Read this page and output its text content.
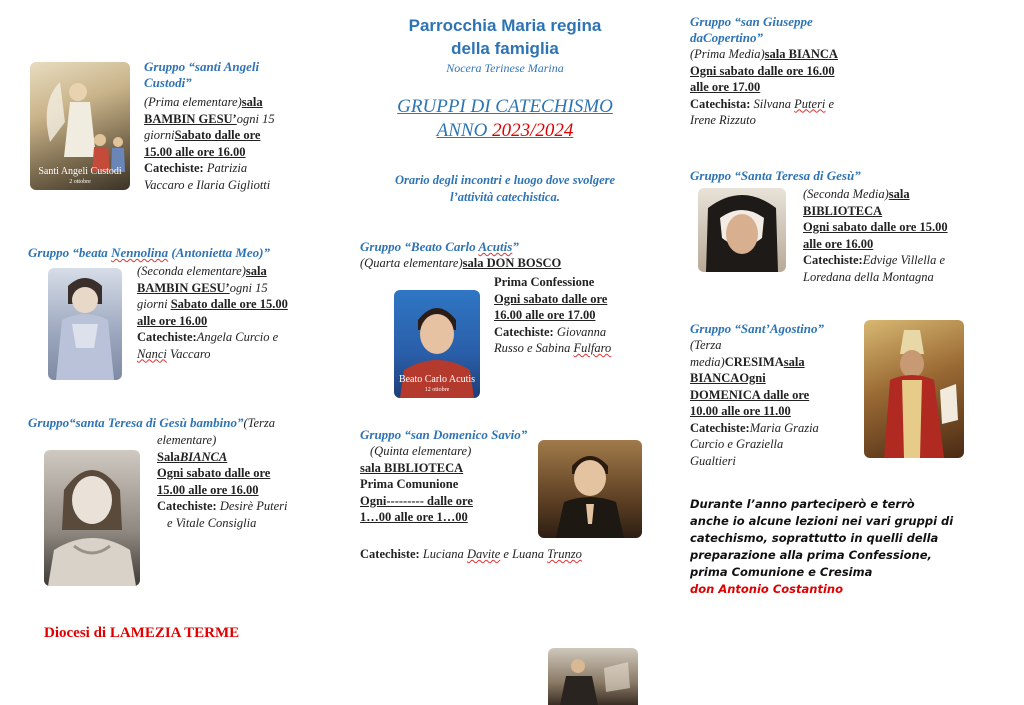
Parrocchia Maria regina
della famiglia
Nocera Terinese Marina
GRUPPI DI CATECHISMO
ANNO 2023/2024
Orario degli incontri e luogo dove svolgere
l’attività catechistica.
Santi Angeli Custodi
2 ottobre
Gruppo “santi Angeli
Custodi”
(Prima elementare)sala
BAMBIN GESU’ogni 15
giorniSabato dalle ore
15.00 alle ore 16.00
Catechiste: Patrizia
Vaccaro e Ilaria Gigliotti
Gruppo “beata Nennolina (Antonietta Meo)”
(Seconda elementare)sala
BAMBIN GESU’ogni 15
giorni Sabato dalle ore 15.00
alle ore 16.00
Catechiste:Angela Curcio e
Nanci Vaccaro
Gruppo“santa Teresa di Gesù bambino”(Terza
elementare)
SalaBIANCA
Ogni sabato dalle ore
15.00 alle ore 16.00
Catechiste: Desirè Puteri
e Vitale Consiglia
Diocesi di LAMEZIA TERME
Gruppo “Beato Carlo Acutis”
(Quarta elementare)sala DON BOSCO
Beato Carlo Acutis
12 ottobre
Prima Confessione
Ogni sabato dalle ore
16.00 alle ore 17.00
Catechiste: Giovanna
Russo e Sabina Fulfaro
Gruppo “san Domenico Savio”
(Quinta elementare)
sala BIBLIOTECA
Prima Comunione
Ogni--------- dalle ore
1…00 alle ore 1…00
Catechiste: Luciana Davite e Luana Trunzo
Gruppo “san Giuseppe
daCopertino”
(Prima Media)sala BIANCA
Ogni sabato dalle ore 16.00
alle ore 17.00
Catechista: Silvana Puteri e
Irene Rizzuto
Gruppo “Santa Teresa di Gesù”
(Seconda Media)sala
BIBLIOTECA
Ogni sabato dalle ore 15.00
alle ore 16.00
Catechiste:Edvige Villella e
Loredana della Montagna
Gruppo “Sant’Agostino”
(Terza
media)CRESIMAsala
BIANCAOgni
DOMENICA dalle ore
10.00 alle ore 11.00
Catechiste:Maria Grazia
Curcio e Graziella
Gualtieri
Durante l’anno parteciperò e terrò
anche io alcune lezioni nei vari gruppi di
catechismo, soprattutto in quelli della
preparazione alla prima Confessione,
prima Comunione e Cresima
don Antonio Costantino
